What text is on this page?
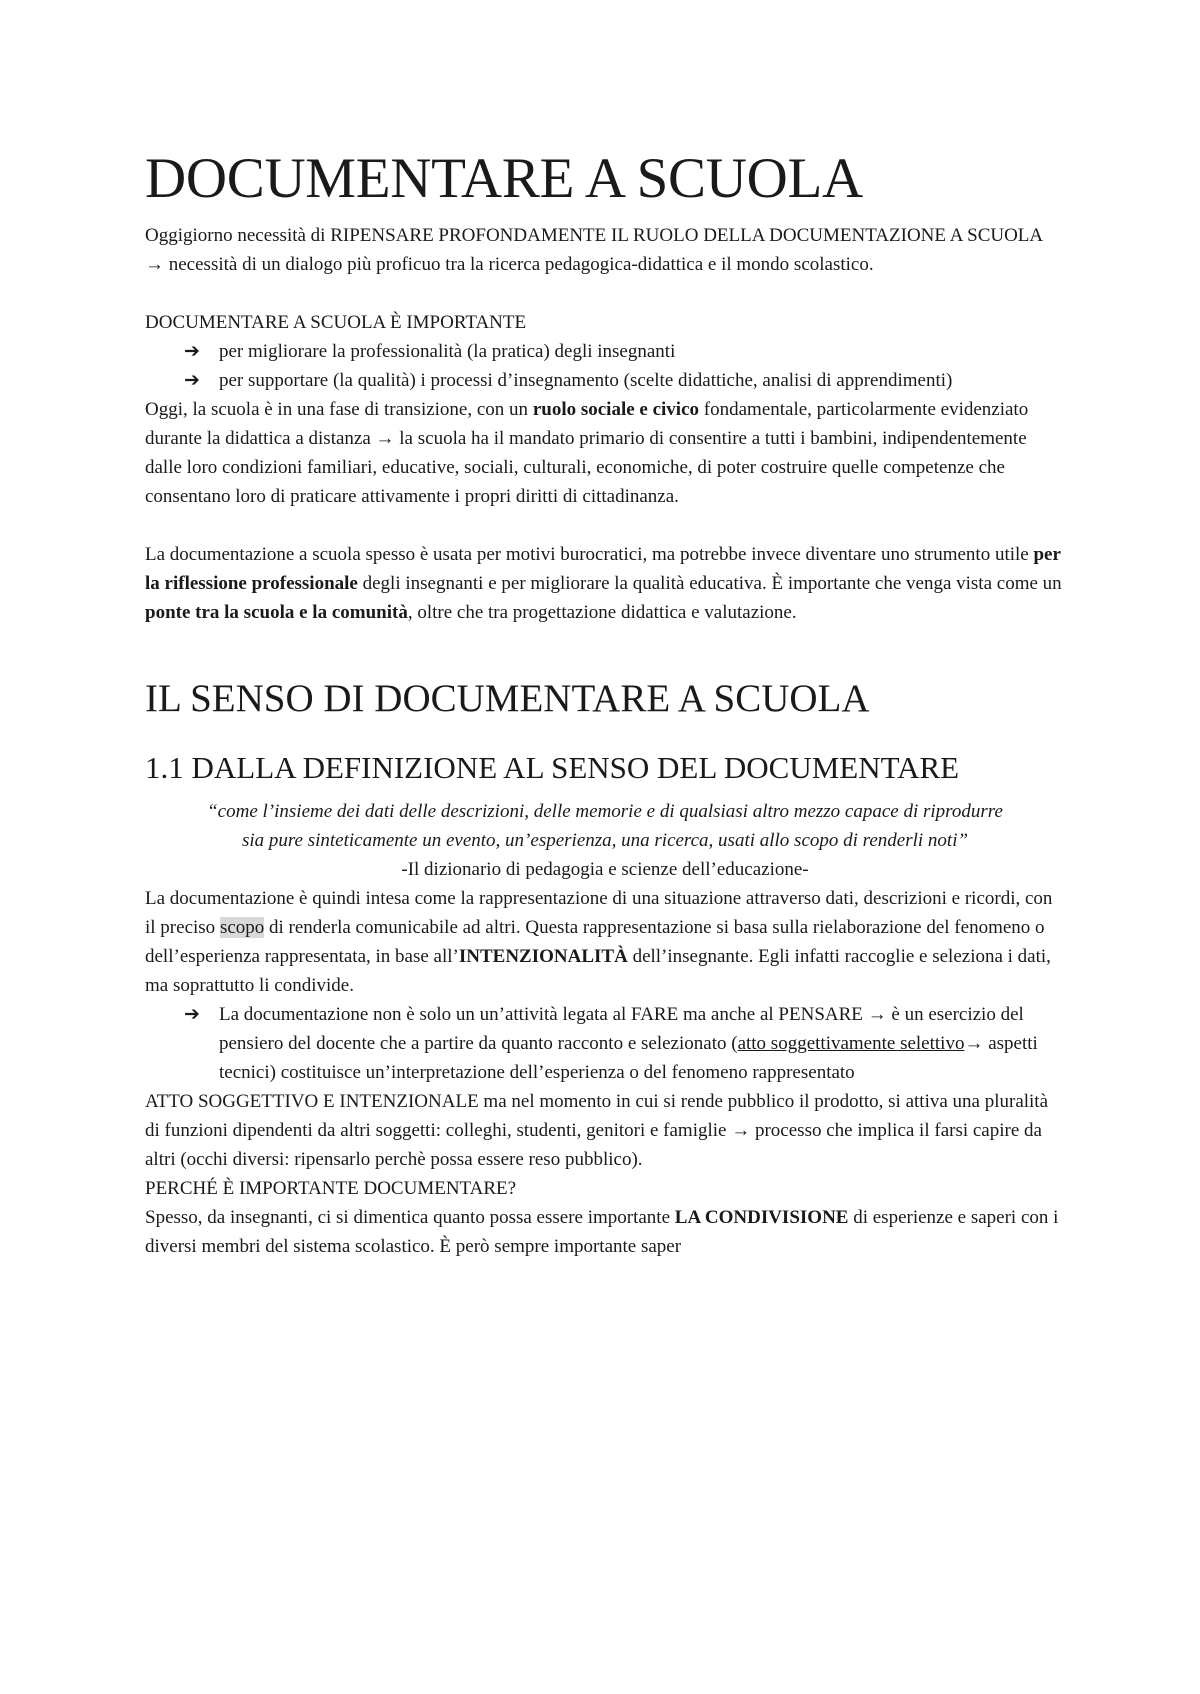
DOCUMENTARE A SCUOLA

Oggigiorno necessità di RIPENSARE PROFONDAMENTE IL RUOLO DELLA DOCUMENTAZIONE A SCUOLA → necessità di un dialogo più proficuo tra la ricerca pedagogica-didattica e il mondo scolastico.

DOCUMENTARE A SCUOLA È IMPORTANTE

➔ per migliorare la professionalità (la pratica) degli insegnanti
➔ per supportare (la qualità) i processi d’insegnamento (scelte didattiche, analisi di apprendimenti)

Oggi, la scuola è in una fase di transizione, con un ruolo sociale e civico fondamentale, particolarmente evidenziato durante la didattica a distanza → la scuola ha il mandato primario di consentire a tutti i bambini, indipendentemente dalle loro condizioni familiari, educative, sociali, culturali, economiche, di poter costruire quelle competenze che consentano loro di praticare attivamente i propri diritti di cittadinanza.

La documentazione a scuola spesso è usata per motivi burocratici, ma potrebbe invece diventare uno strumento utile per la riflessione professionale degli insegnanti e per migliorare la qualità educativa. È importante che venga vista come un ponte tra la scuola e la comunità, oltre che tra progettazione didattica e valutazione.

IL SENSO DI DOCUMENTARE A SCUOLA
1.1 DALLA DEFINIZIONE AL SENSO DEL DOCUMENTARE

“come l’insieme dei dati delle descrizioni, delle memorie e di qualsiasi altro mezzo capace di riprodurre sia pure sinteticamente un evento, un’esperienza, una ricerca, usati allo scopo di renderli noti”

-Il dizionario di pedagogia e scienze dell’educazione-

La documentazione è quindi intesa come la rappresentazione di una situazione attraverso dati, descrizioni e ricordi, con il preciso scopo di renderla comunicabile ad altri. Questa rappresentazione si basa sulla rielaborazione del fenomeno o dell’esperienza rappresentata, in base all’INTENZIONALITÀ dell’insegnante. Egli infatti raccoglie e seleziona i dati, ma soprattutto li condivide.

➔ La documentazione non è solo un un’attività legata al FARE ma anche al PENSARE → è un esercizio del pensiero del docente che a partire da quanto racconto e selezionato (atto soggettivamente selettivo→ aspetti tecnici) costituisce un’interpretazione dell’esperienza o del fenomeno rappresentato

ATTO SOGGETTIVO E INTENZIONALE ma nel momento in cui si rende pubblico il prodotto, si attiva una pluralità di funzioni dipendenti da altri soggetti: colleghi, studenti, genitori e famiglie → processo che implica il farsi capire da altri (occhi diversi: ripensarlo perchè possa essere reso pubblico).

PERCHÉ È IMPORTANTE DOCUMENTARE?

Spesso, da insegnanti, ci si dimentica quanto possa essere importante LA CONDIVISIONE di esperienze e saperi con i diversi membri del sistema scolastico. È però sempre importante saper
